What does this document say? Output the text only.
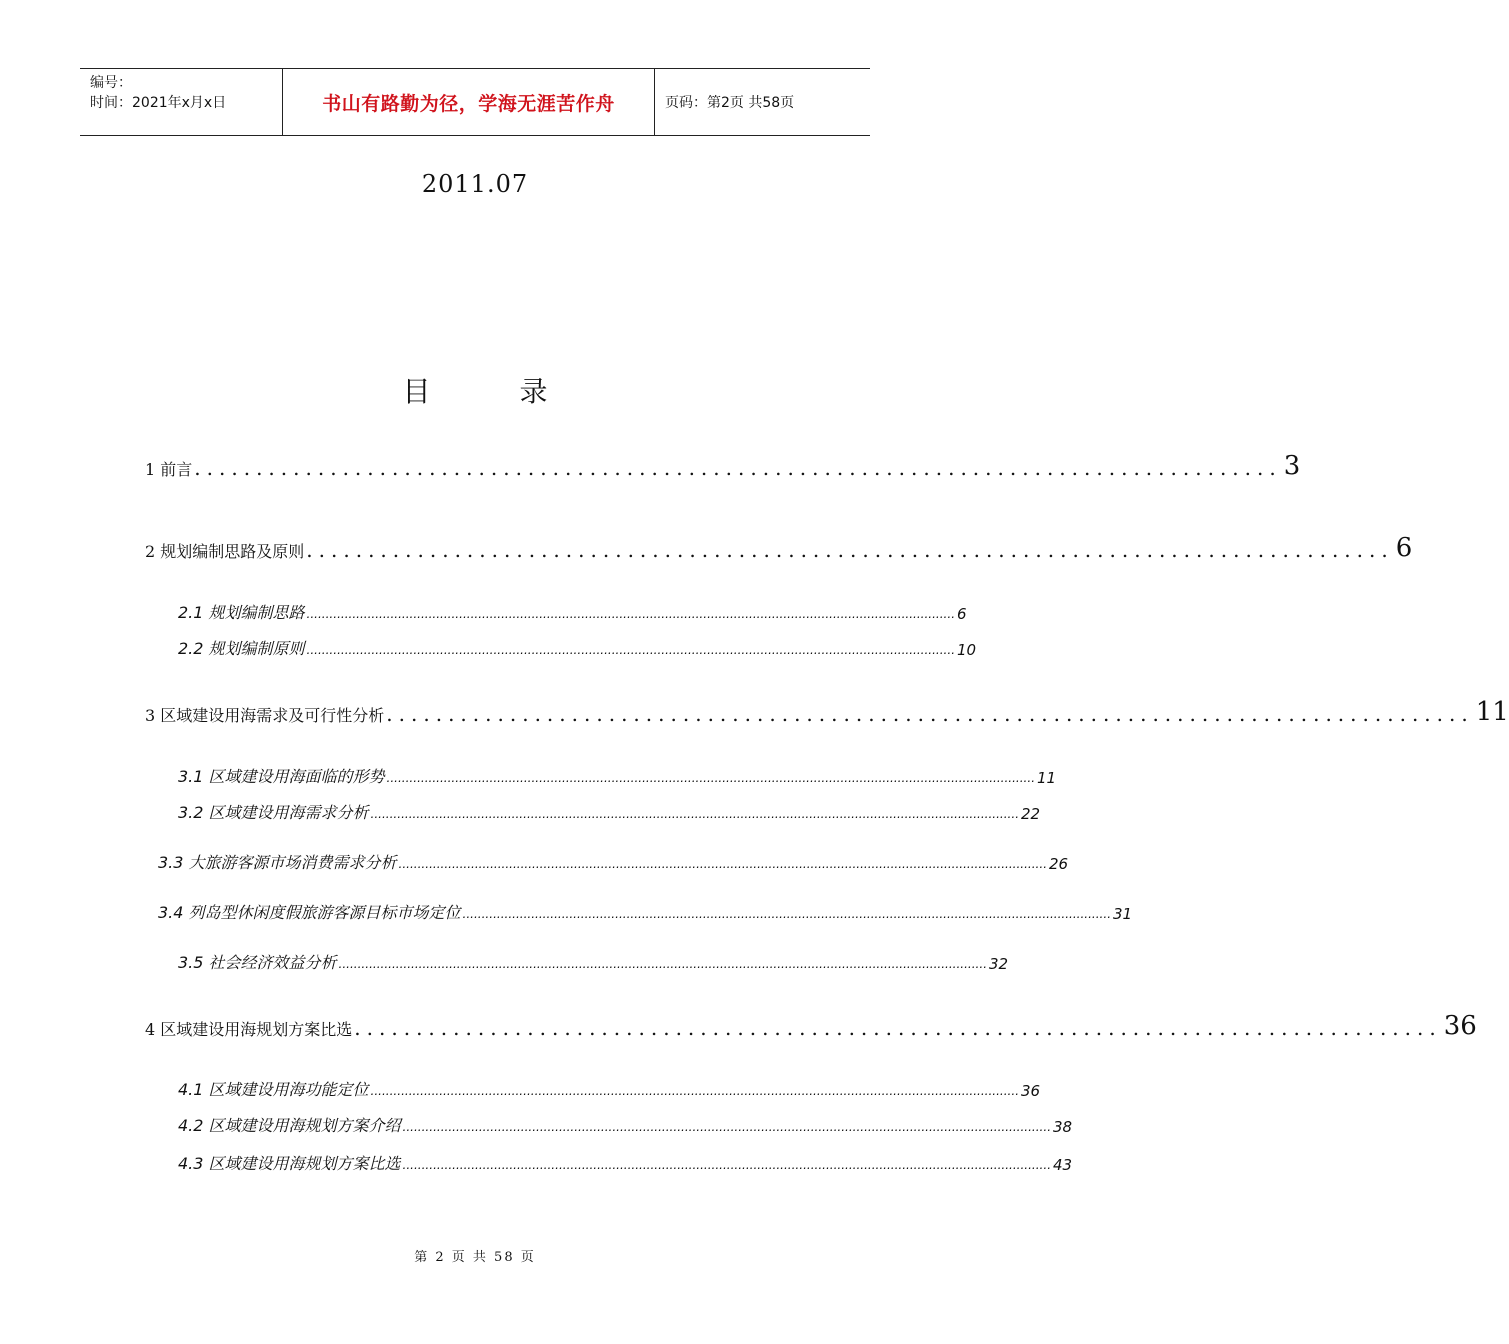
编号：
时间：2021年x月x日	书山有路勤为径，学海无涯苦作舟	页码：第2页 共58页
2011.07
目 录
1 前言 ........................................................................................ 3
2 规划编制思路及原则 ........................................................................................ 6
2.1 规划编制思路 .......................................................................................................................................................................... 6
2.2 规划编制原则 .......................................................................................................................................................................... 10
3 区域建设用海需求及可行性分析 ........................................................................................ 11
3.1 区域建设用海面临的形势 .......................................................................................................................................................................... 11
3.2 区域建设用海需求分析 .......................................................................................................................................................................... 22
3.3 大旅游客源市场消费需求分析 .......................................................................................................................................................................... 26
3.4 列岛型休闲度假旅游客源目标市场定位 .......................................................................................................................................................................... 31
3.5 社会经济效益分析 .......................................................................................................................................................................... 32
4 区域建设用海规划方案比选 ........................................................................................ 36
4.1 区域建设用海功能定位 .......................................................................................................................................................................... 36
4.2 区域建设用海规划方案介绍 .......................................................................................................................................................................... 38
4.3 区域建设用海规划方案比选 .......................................................................................................................................................................... 43
第 2 页 共 58 页
